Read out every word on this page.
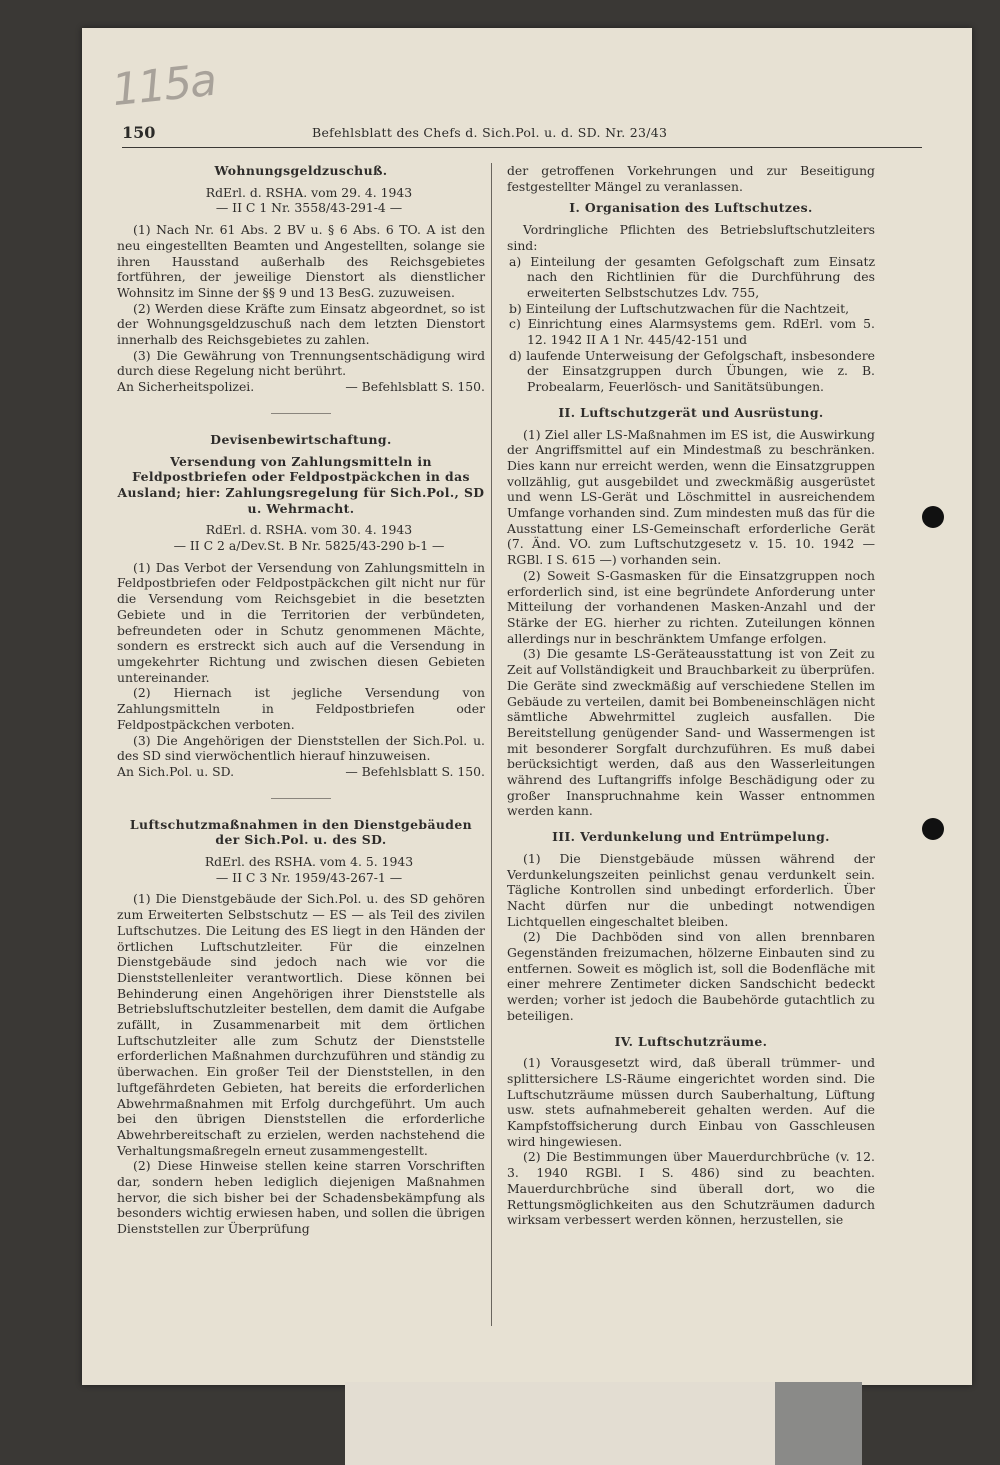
115a
150	Befehlsblatt des Chefs d. Sich.Pol. u. d. SD. Nr. 23/43
Wohnungsgeldzuschuß.

RdErl. d. RSHA. vom 29. 4. 1943

— II C 1 Nr. 3558/43-291-4 —

(1) Nach Nr. 61 Abs. 2 BV u. § 6 Abs. 6 TO. A ist den neu eingestellten Beamten und Angestellten, solange sie ihren Hausstand außerhalb des Reichsgebietes fortführen, der jeweilige Dienstort als dienstlicher Wohnsitz im Sinne der §§ 9 und 13 BesG. zuzuweisen.

(2) Werden diese Kräfte zum Einsatz abgeordnet, so ist der Wohnungsgeldzuschuß nach dem letzten Dienstort innerhalb des Reichsgebietes zu zahlen.

(3) Die Gewährung von Trennungsentschädigung wird durch diese Regelung nicht berührt.

An Sicherheitspolizei.	— Befehlsblatt S. 150.
Devisenbewirtschaftung.
Versendung von Zahlungsmitteln in Feldpostbriefen oder Feldpostpäckchen in das Ausland; hier: Zahlungsregelung für Sich.Pol., SD u. Wehrmacht.

RdErl. d. RSHA. vom 30. 4. 1943

— II C 2 a/Dev.St. B Nr. 5825/43-290 b-1 —

(1) Das Verbot der Versendung von Zahlungsmitteln in Feldpostbriefen oder Feldpostpäckchen gilt nicht nur für die Versendung vom Reichsgebiet in die besetzten Gebiete und in die Territorien der verbündeten, befreundeten oder in Schutz genommenen Mächte, sondern es erstreckt sich auch auf die Versendung in umgekehrter Richtung und zwischen diesen Gebieten untereinander.

(2) Hiernach ist jegliche Versendung von Zahlungsmitteln in Feldpostbriefen oder Feldpostpäckchen verboten.

(3) Die Angehörigen der Dienststellen der Sich.Pol. u. des SD sind vierwöchentlich hierauf hinzuweisen.

An Sich.Pol. u. SD.	— Befehlsblatt S. 150.
Luftschutzmaßnahmen in den Dienstgebäuden der Sich.Pol. u. des SD.

RdErl. des RSHA. vom 4. 5. 1943

— II C 3 Nr. 1959/43-267-1 —

(1) Die Dienstgebäude der Sich.Pol. u. des SD gehören zum Erweiterten Selbstschutz — ES — als Teil des zivilen Luftschutzes. Die Leitung des ES liegt in den Händen der örtlichen Luftschutzleiter. Für die einzelnen Dienstgebäude sind jedoch nach wie vor die Dienststellenleiter verantwortlich. Diese können bei Behinderung einen Angehörigen ihrer Dienststelle als Betriebsluftschutzleiter bestellen, dem damit die Aufgabe zufällt, in Zusammenarbeit mit dem örtlichen Luftschutzleiter alle zum Schutz der Dienststelle erforderlichen Maßnahmen durchzuführen und ständig zu überwachen. Ein großer Teil der Dienststellen, in den luftgefährdeten Gebieten, hat bereits die erforderlichen Abwehrmaßnahmen mit Erfolg durchgeführt. Um auch bei den übrigen Dienststellen die erforderliche Abwehrbereitschaft zu erzielen, werden nachstehend die Verhaltungsmaßregeln erneut zusammengestellt.

(2) Diese Hinweise stellen keine starren Vorschriften dar, sondern heben lediglich diejenigen Maßnahmen hervor, die sich bisher bei der Schadensbekämpfung als besonders wichtig erwiesen haben, und sollen die übrigen Dienststellen zur Überprüfung

der getroffenen Vorkehrungen und zur Beseitigung festgestellter Mängel zu veranlassen.

I. Organisation des Luftschutzes.

Vordringliche Pflichten des Betriebsluftschutzleiters sind:

a) Einteilung der gesamten Gefolgschaft zum Einsatz nach den Richtlinien für die Durchführung des erweiterten Selbstschutzes Ldv. 755,

b) Einteilung der Luftschutzwachen für die Nachtzeit,

c) Einrichtung eines Alarmsystems gem. RdErl. vom 5. 12. 1942 II A 1 Nr. 445/42-151 und

d) laufende Unterweisung der Gefolgschaft, insbesondere der Einsatzgruppen durch Übungen, wie z. B. Probealarm, Feuerlösch- und Sanitätsübungen.

II. Luftschutzgerät und Ausrüstung.

(1) Ziel aller LS-Maßnahmen im ES ist, die Auswirkung der Angriffsmittel auf ein Mindestmaß zu beschränken. Dies kann nur erreicht werden, wenn die Einsatzgruppen vollzählig, gut ausgebildet und zweckmäßig ausgerüstet und wenn LS-Gerät und Löschmittel in ausreichendem Umfange vorhanden sind. Zum mindesten muß das für die Ausstattung einer LS-Gemeinschaft erforderliche Gerät (7. Änd. VO. zum Luftschutzgesetz v. 15. 10. 1942 — RGBl. I S. 615 —) vorhanden sein.

(2) Soweit S-Gasmasken für die Einsatzgruppen noch erforderlich sind, ist eine begründete Anforderung unter Mitteilung der vorhandenen Masken-Anzahl und der Stärke der EG. hierher zu richten. Zuteilungen können allerdings nur in beschränktem Umfange erfolgen.

(3) Die gesamte LS-Geräteausstattung ist von Zeit zu Zeit auf Vollständigkeit und Brauchbarkeit zu überprüfen. Die Geräte sind zweckmäßig auf verschiedene Stellen im Gebäude zu verteilen, damit bei Bombeneinschlägen nicht sämtliche Abwehrmittel zugleich ausfallen. Die Bereitstellung genügender Sand- und Wassermengen ist mit besonderer Sorgfalt durchzuführen. Es muß dabei berücksichtigt werden, daß aus den Wasserleitungen während des Luftangriffs infolge Beschädigung oder zu großer Inanspruchnahme kein Wasser entnommen werden kann.

III. Verdunkelung und Entrümpelung.

(1) Die Dienstgebäude müssen während der Verdunkelungszeiten peinlichst genau verdunkelt sein. Tägliche Kontrollen sind unbedingt erforderlich. Über Nacht dürfen nur die unbedingt notwendigen Lichtquellen eingeschaltet bleiben.

(2) Die Dachböden sind von allen brennbaren Gegenständen freizumachen, hölzerne Einbauten sind zu entfernen. Soweit es möglich ist, soll die Bodenfläche mit einer mehrere Zentimeter dicken Sandschicht bedeckt werden; vorher ist jedoch die Baubehörde gutachtlich zu beteiligen.

IV. Luftschutzräume.

(1) Vorausgesetzt wird, daß überall trümmer- und splittersichere LS-Räume eingerichtet worden sind. Die Luftschutzräume müssen durch Sauberhaltung, Lüftung usw. stets aufnahmebereit gehalten werden. Auf die Kampfstoffsicherung durch Einbau von Gasschleusen wird hingewiesen.

(2) Die Bestimmungen über Mauerdurchbrüche (v. 12. 3. 1940 RGBl. I S. 486) sind zu beachten. Mauerdurchbrüche sind überall dort, wo die Rettungsmöglichkeiten aus den Schutzräumen dadurch wirksam verbessert werden können, herzustellen, sie
